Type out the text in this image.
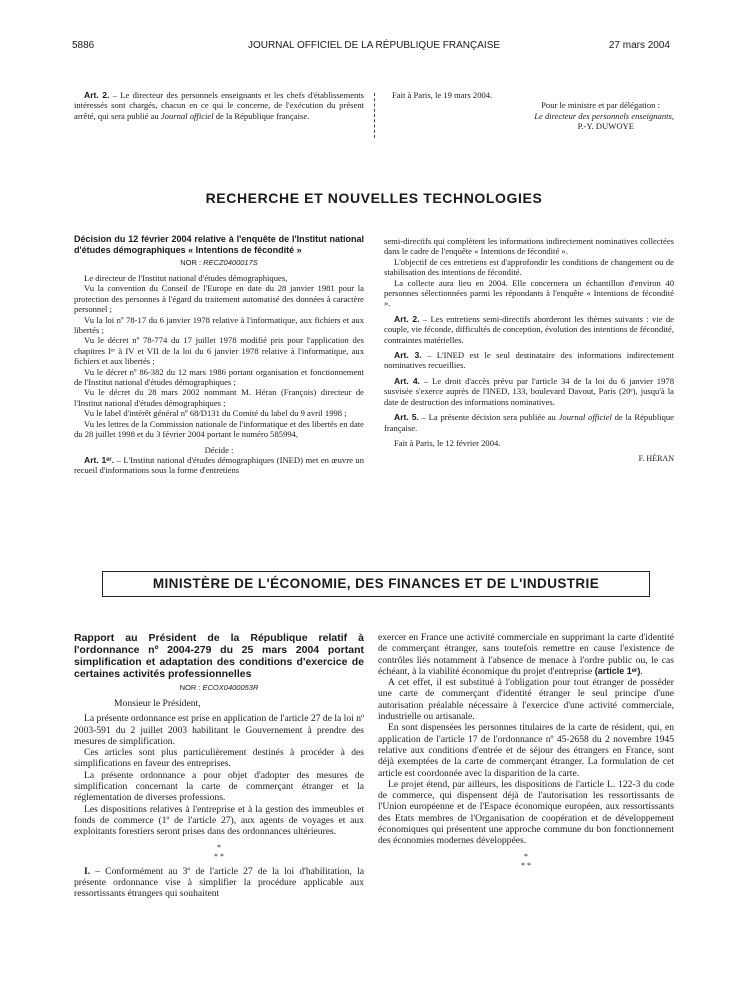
5886	JOURNAL OFFICIEL DE LA RÉPUBLIQUE FRANÇAISE	27 mars 2004

Art. 2. – Le directeur des personnels enseignants et les chefs d'établissements intéressés sont chargés, chacun en ce qui le concerne, de l'exécution du présent arrêté, qui sera publié au Journal officiel de la République française.

Fait à Paris, le 19 mars 2004.

Pour le ministre et par délégation :

Le directeur des personnels enseignants,

P.-Y. DUWOYE

RECHERCHE ET NOUVELLES TECHNOLOGIES

Décision du 12 février 2004 relative à l'enquête de l'Institut national d'études démographiques « Intentions de fécondité »

NOR : RECZ0400017S

Le directeur de l'Institut national d'études démographiques,

Vu la convention du Conseil de l'Europe en date du 28 janvier 1981 pour la protection des personnes à l'égard du traitement automatisé des données à caractère personnel ;

Vu la loi nº 78-17 du 6 janvier 1978 relative à l'informatique, aux fichiers et aux libertés ;

Vu le décret nº 78-774 du 17 juillet 1978 modifié pris pour l'application des chapitres Iᵉʳ à IV et VII de la loi du 6 janvier 1978 relative à l'informatique, aux fichiers et aux libertés ;

Vu le décret nº 86-382 du 12 mars 1986 portant organisation et fonctionnement de l'Institut national d'études démographiques ;

Vu le décret du 28 mars 2002 nommant M. Héran (François) directeur de l'Institut national d'études démographiques ;

Vu le label d'intérêt général nº 68/D131 du Comité du label du 9 avril 1998 ;

Vu les lettres de la Commission nationale de l'informatique et des libertés en date du 28 juillet 1998 et du 3 février 2004 portant le numéro 585994,

Décide :

Art. 1ᵉʳ. – L'Institut national d'études démographiques (INED) met en œuvre un recueil d'informations sous la forme d'entretiens

semi-directifs qui complètent les informations indirectement nominatives collectées dans le cadre de l'enquête « Intentions de fécondité ».

L'objectif de ces entretiens est d'approfondir les conditions de changement ou de stabilisation des intentions de fécondité.

La collecte aura lieu en 2004. Elle concernera un échantillon d'environ 40 personnes sélectionnées parmi les répondants à l'enquête « Intentions de fécondité ».

Art. 2. – Les entretiens semi-directifs aborderont les thèmes suivants : vie de couple, vie féconde, difficultés de conception, évolution des intentions de fécondité, contraintes matérielles.

Art. 3. – L'INED est le seul destinataire des informations indirectement nominatives recueillies.

Art. 4. – Le droit d'accès prévu par l'article 34 de la loi du 6 janvier 1978 susvisée s'exerce auprès de l'INED, 133, boulevard Davout, Paris (20ᵉ), jusqu'à la date de destruction des informations nominatives.

Art. 5. – La présente décision sera publiée au Journal officiel de la République française.

Fait à Paris, le 12 février 2004.

F. HÉRAN

MINISTÈRE DE L'ÉCONOMIE, DES FINANCES ET DE L'INDUSTRIE

Rapport au Président de la République relatif à l'ordonnance nº 2004-279 du 25 mars 2004 portant simplification et adaptation des conditions d'exercice de certaines activités professionnelles

NOR : ECOX0400053R

Monsieur le Président,

La présente ordonnance est prise en application de l'article 27 de la loi nº 2003-591 du 2 juillet 2003 habilitant le Gouvernement à prendre des mesures de simplification.

Ces articles sont plus particulièrement destinés à procéder à des simplifications en faveur des entreprises.

La présente ordonnance a pour objet d'adopter des mesures de simplification concernant la carte de commerçant étranger et la réglementation de diverses professions.

Les dispositions relatives à l'entreprise et à la gestion des immeubles et fonds de commerce (1º de l'article 27), aux agents de voyages et aux exploitants forestiers seront prises dans des ordonnances ultérieures.

*

* *

I. – Conformément au 3º de l'article 27 de la loi d'habilitation, la présente ordonnance vise à simplifier la procédure applicable aux ressortissants étrangers qui souhaitent

exercer en France une activité commerciale en supprimant la carte d'identité de commerçant étranger, sans toutefois remettre en cause l'existence de contrôles liés notamment à l'absence de menace à l'ordre public ou, le cas échéant, à la viabilité économique du projet d'entreprise (article 1ᵉʳ).

A cet effet, il est substitué à l'obligation pour tout étranger de posséder une carte de commerçant d'identité étranger le seul principe d'une autorisation préalable nécessaire à l'exercice d'une activité commerciale, industrielle ou artisanale.

En sont dispensées les personnes titulaires de la carte de résident, qui, en application de l'article 17 de l'ordonnance nº 45-2658 du 2 novembre 1945 relative aux conditions d'entrée et de séjour des étrangers en France, sont déjà exemptées de la carte de commerçant étranger. La formulation de cet article est coordonnée avec la disparition de la carte.

Le projet étend, par ailleurs, les dispositions de l'article L. 122-3 du code de commerce, qui dispensent déjà de l'autorisation les ressortissants de l'Union européenne et de l'Espace économique européen, aux ressortissants des Etats membres de l'Organisation de coopération et de développement économiques qui présentent une approche commune du bon fonctionnement des économies modernes développées.

*

* *
